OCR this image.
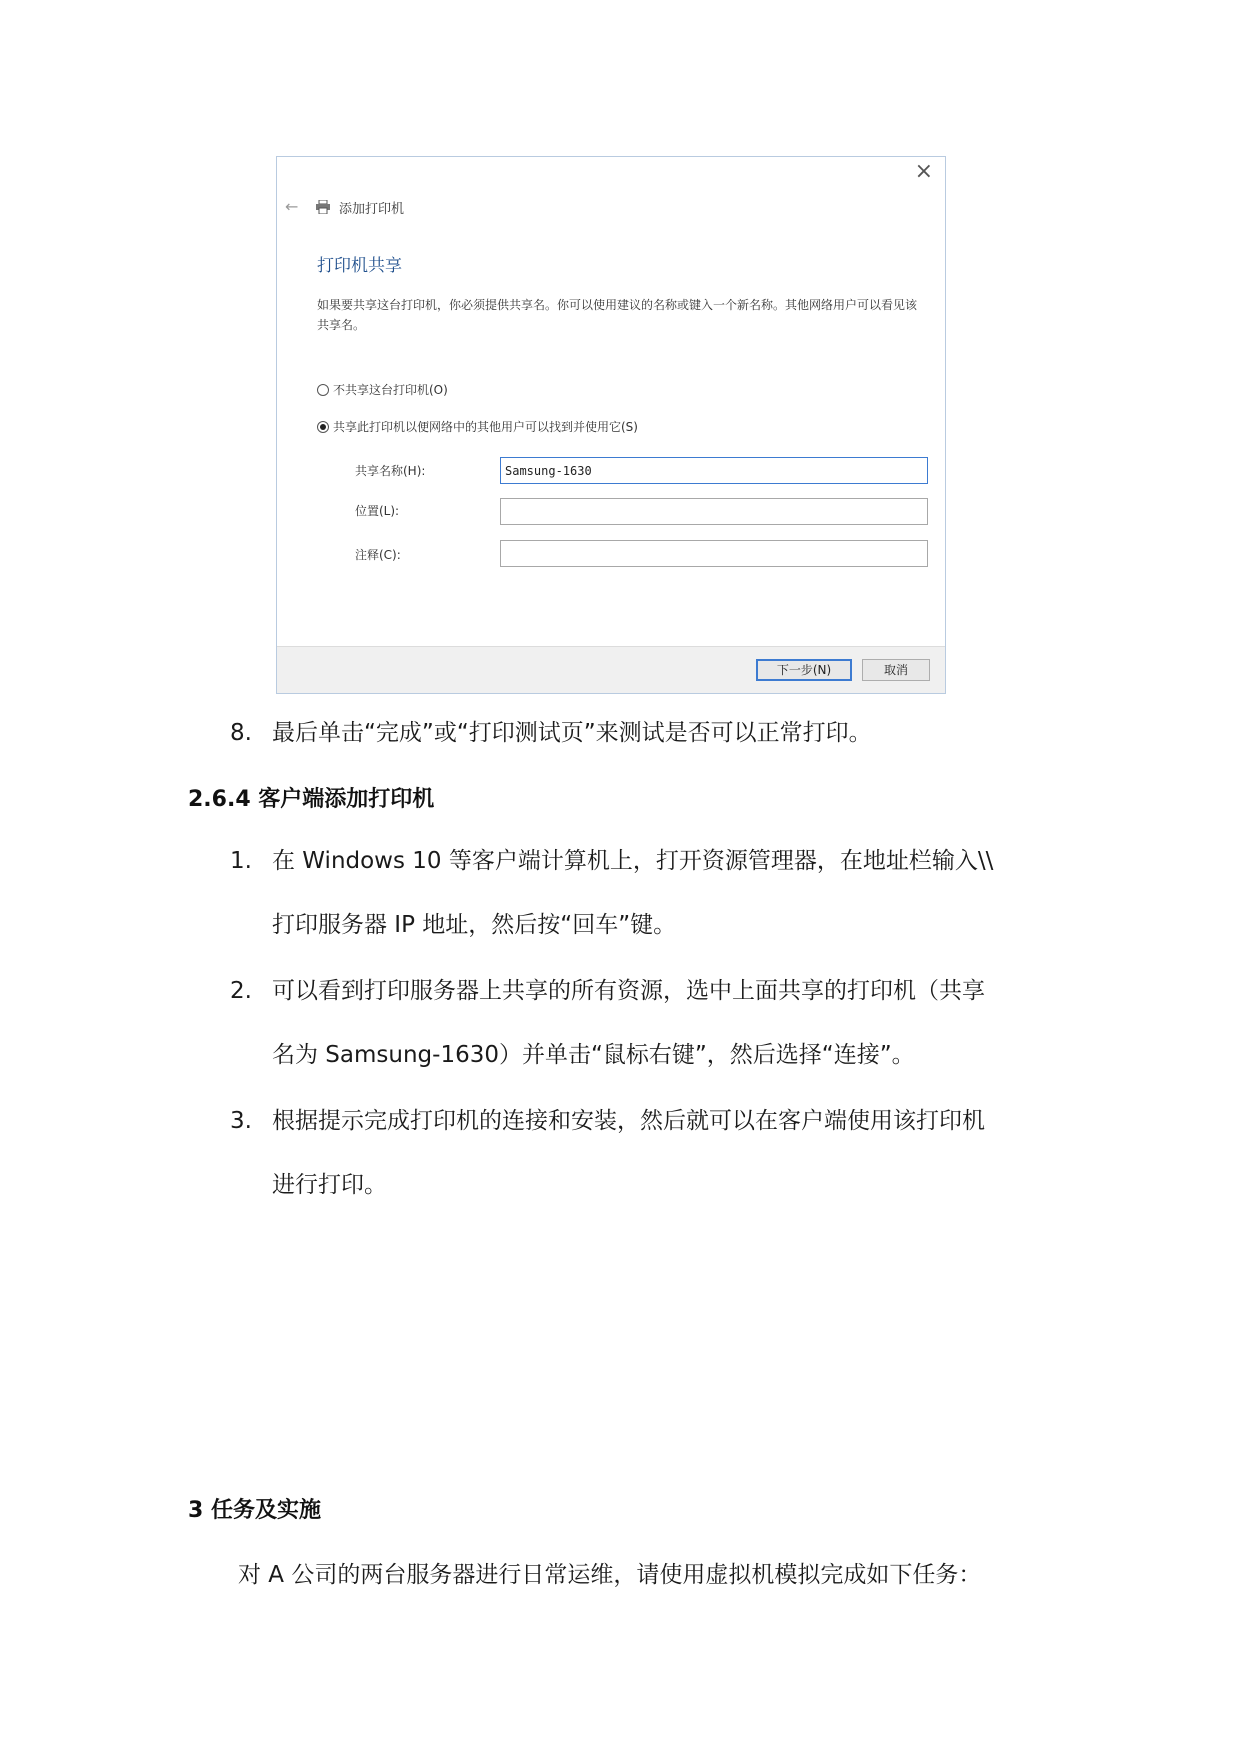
×
←	添加打印机
打印机共享
如果要共享这台打印机，你必须提供共享名。你可以使用建议的名称或键入一个新名称。其他网络用户可以看见该共享名。
不共享这台打印机(O)
共享此打印机以便网络中的其他用户可以找到并使用它(S)
共享名称(H):
Samsung-1630
位置(L):
注释(C):
下一步(N)	取消
8. 最后单击“完成”或“打印测试页”来测试是否可以正常打印。
2.6.4 客户端添加打印机
1. 在 Windows 10 等客户端计算机上，打开资源管理器，在地址栏输入\\
打印服务器 IP 地址，然后按“回车”键。
2. 可以看到打印服务器上共享的所有资源，选中上面共享的打印机（共享
名为 Samsung-1630）并单击“鼠标右键”，然后选择“连接”。
3. 根据提示完成打印机的连接和安装，然后就可以在客户端使用该打印机
进行打印。
3 任务及实施
对 A 公司的两台服务器进行日常运维，请使用虚拟机模拟完成如下任务：
